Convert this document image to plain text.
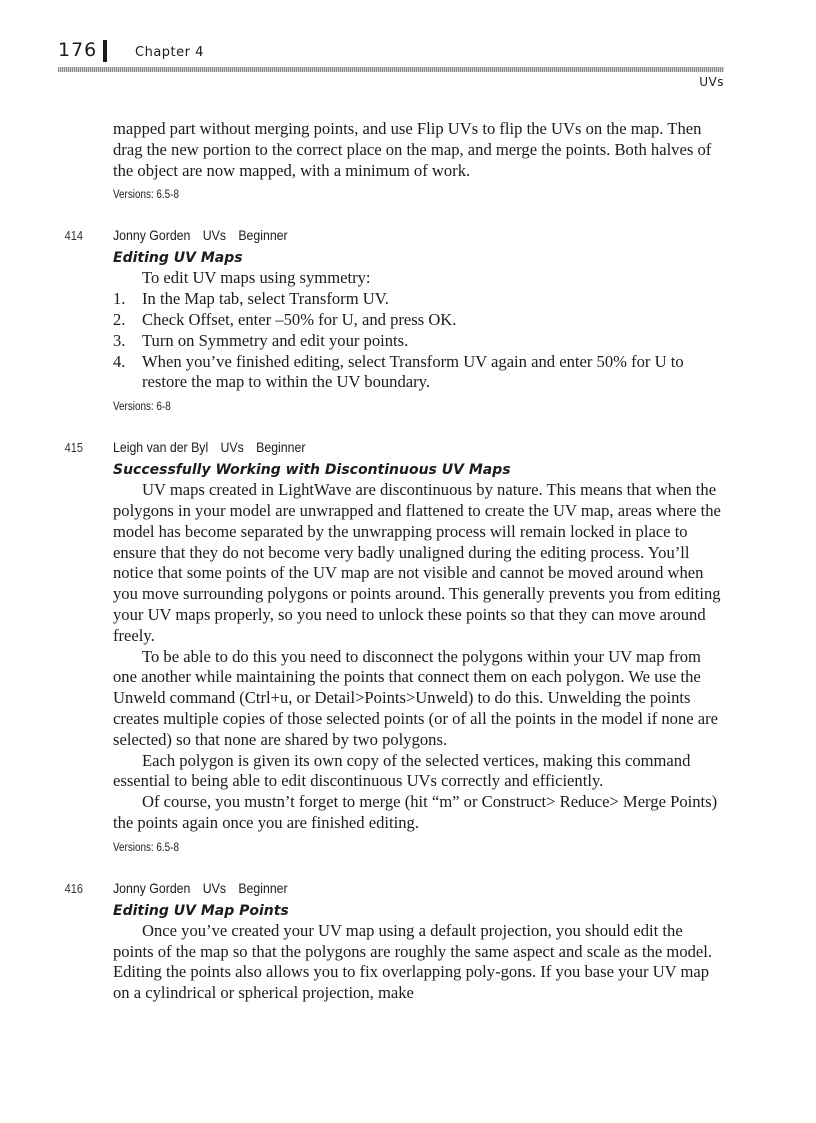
176	Chapter 4
UVs

mapped part without merging points, and use Flip UVs to flip the UVs on the map. Then drag the new portion to the correct place on the map, and merge the points. Both halves of the object are now mapped, with a minimum of work.

Versions: 6.5-8
414 Jonny Gorden UVs Beginner
Editing UV Maps

To edit UV maps using symmetry:

1. In the Map tab, select Transform UV.
2. Check Offset, enter –50% for U, and press OK.
3. Turn on Symmetry and edit your points.
4. When you’ve finished editing, select Transform UV again and enter 50% for U to restore the map to within the UV boundary.
Versions: 6-8
415 Leigh van der Byl UVs Beginner
Successfully Working with Discontinuous UV Maps

UV maps created in LightWave are discontinuous by nature. This means that when the polygons in your model are unwrapped and flattened to create the UV map, areas where the model has become separated by the unwrapping process will remain locked in place to ensure that they do not become very badly unaligned during the editing process. You’ll notice that some points of the UV map are not visible and cannot be moved around when you move surrounding polygons or points around. This generally prevents you from editing your UV maps properly, so you need to unlock these points so that they can move around freely.

To be able to do this you need to disconnect the polygons within your UV map from one another while maintaining the points that connect them on each polygon. We use the Unweld command (Ctrl+u, or Detail>Points>Unweld) to do this. Unwelding the points creates multiple copies of those selected points (or of all the points in the model if none are selected) so that none are shared by two polygons.

Each polygon is given its own copy of the selected vertices, making this command essential to being able to edit discontinuous UVs correctly and efficiently.

Of course, you mustn’t forget to merge (hit “m” or Construct> Reduce> Merge Points) the points again once you are finished editing.

Versions: 6.5-8
416 Jonny Gorden UVs Beginner
Editing UV Map Points

Once you’ve created your UV map using a default projection, you should edit the points of the map so that the polygons are roughly the same aspect and scale as the model. Editing the points also allows you to fix overlapping poly-gons. If you base your UV map on a cylindrical or spherical projection, make
